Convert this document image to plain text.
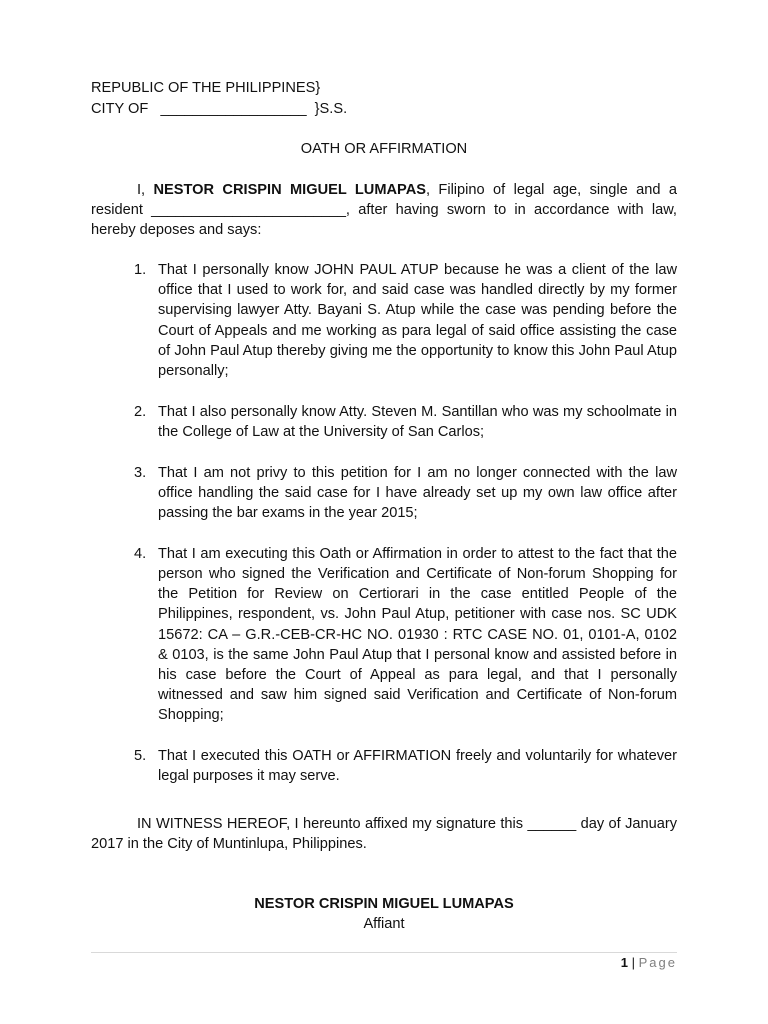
REPUBLIC OF THE PHILIPPINES}
CITY OF   __________________  }S.S.
OATH OR AFFIRMATION

I, NESTOR CRISPIN MIGUEL LUMAPAS, Filipino of legal age, single and a resident ________________________, after having sworn to in accordance with law, hereby deposes and says:

1. That I personally know JOHN PAUL ATUP because he was a client of the law office that I used to work for, and said case was handled directly by my former supervising lawyer Atty. Bayani S. Atup while the case was pending before the Court of Appeals and me working as para legal of said office assisting the case of John Paul Atup thereby giving me the opportunity to know this John Paul Atup personally;
2. That I also personally know Atty. Steven M. Santillan who was my schoolmate in the College of Law at the University of San Carlos;
3. That I am not privy to this petition for I am no longer connected with the law office handling the said case for I have already set up my own law office after passing the bar exams in the year 2015;
4. That I am executing this Oath or Affirmation in order to attest to the fact that the person who signed the Verification and Certificate of Non-forum Shopping for the Petition for Review on Certiorari in the case entitled People of the Philippines, respondent, vs. John Paul Atup, petitioner with case nos. SC UDK 15672: CA – G.R.-CEB-CR-HC NO. 01930 : RTC CASE NO. 01, 0101-A, 0102 & 0103, is the same John Paul Atup that I personal know and assisted before in his case before the Court of Appeal as para legal, and that I personally witnessed and saw him signed said Verification and Certificate of Non-forum Shopping;
5. That I executed this OATH or AFFIRMATION freely and voluntarily for whatever legal purposes it may serve.

IN WITNESS HEREOF, I hereunto affixed my signature this ______ day of January 2017 in the City of Muntinlupa, Philippines.

NESTOR CRISPIN MIGUEL LUMAPAS
Affiant
1 | Page
